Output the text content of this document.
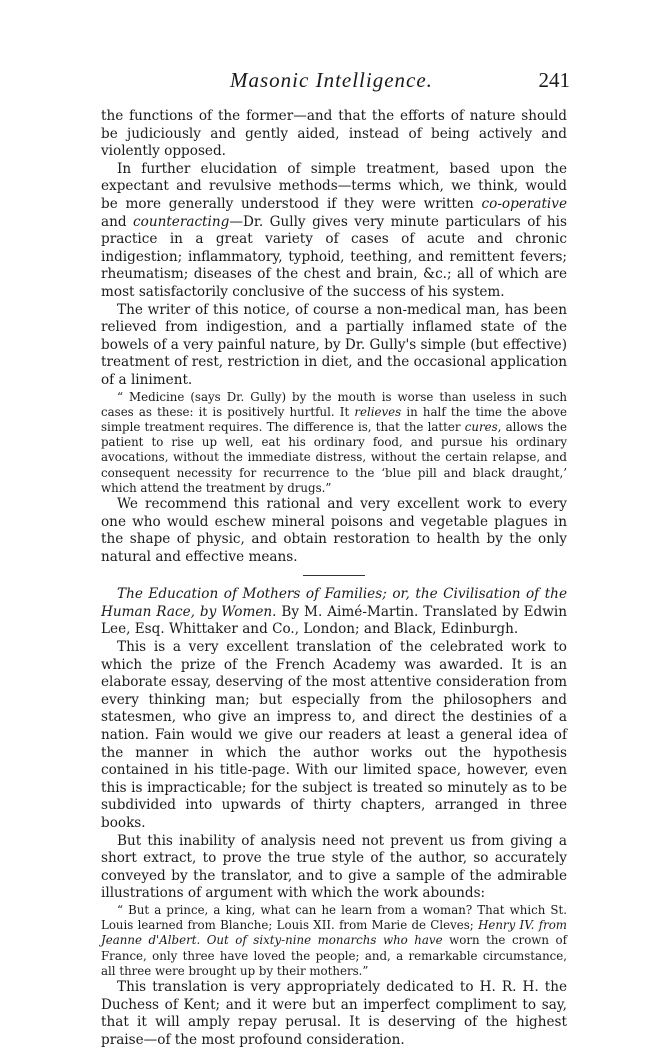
Masonic Intelligence.	241

the functions of the former—and that the efforts of nature should be judiciously and gently aided, instead of being actively and violently opposed.

In further elucidation of simple treatment, based upon the expectant and revulsive methods—terms which, we think, would be more generally understood if they were written co-operative and counteracting—Dr. Gully gives very minute particulars of his practice in a great variety of cases of acute and chronic indigestion; inflammatory, typhoid, teething, and remittent fevers; rheumatism; diseases of the chest and brain, &c.; all of which are most satisfactorily conclusive of the success of his system.

The writer of this notice, of course a non-medical man, has been relieved from indigestion, and a partially inflamed state of the bowels of a very painful nature, by Dr. Gully's simple (but effective) treatment of rest, restriction in diet, and the occasional application of a liniment.

“ Medicine (says Dr. Gully) by the mouth is worse than useless in such cases as these: it is positively hurtful. It relieves in half the time the above simple treatment requires. The difference is, that the latter cures, allows the patient to rise up well, eat his ordinary food, and pursue his ordinary avocations, without the immediate distress, without the certain relapse, and consequent necessity for recurrence to the ‘blue pill and black draught,’ which attend the treatment by drugs.”

We recommend this rational and very excellent work to every one who would eschew mineral poisons and vegetable plagues in the shape of physic, and obtain restoration to health by the only natural and effective means.

The Education of Mothers of Families; or, the Civilisation of the Human Race, by Women. By M. Aimé-Martin. Translated by Edwin Lee, Esq. Whittaker and Co., London; and Black, Edinburgh.

This is a very excellent translation of the celebrated work to which the prize of the French Academy was awarded. It is an elaborate essay, deserving of the most attentive consideration from every thinking man; but especially from the philosophers and statesmen, who give an impress to, and direct the destinies of a nation. Fain would we give our readers at least a general idea of the manner in which the author works out the hypothesis contained in his title-page. With our limited space, however, even this is impracticable; for the subject is treated so minutely as to be subdivided into upwards of thirty chapters, arranged in three books.

But this inability of analysis need not prevent us from giving a short extract, to prove the true style of the author, so accurately conveyed by the translator, and to give a sample of the admirable illustrations of argument with which the work abounds:

“ But a prince, a king, what can he learn from a woman? That which St. Louis learned from Blanche; Louis XII. from Marie de Cleves; Henry IV. from Jeanne d'Albert. Out of sixty-nine monarchs who have worn the crown of France, only three have loved the people; and, a remarkable circumstance, all three were brought up by their mothers.”

This translation is very appropriately dedicated to H. R. H. the Duchess of Kent; and it were but an imperfect compliment to say, that it will amply repay perusal. It is deserving of the highest praise—of the most profound consideration.
